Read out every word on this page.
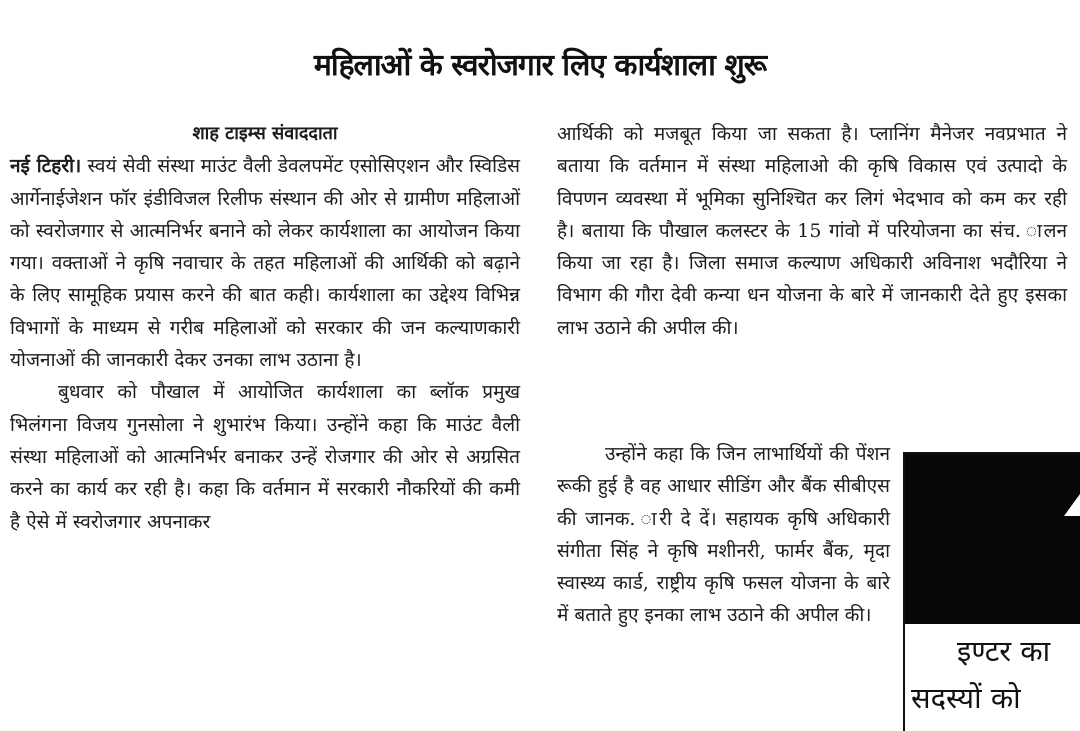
महिलाओं के स्वरोजगार लिए कार्यशाला शुरू

शाह टाइम्स संवाददाता

नई टिहरी। स्वयं सेवी संस्था माउंट वैली डेवलपमेंट एसोसिएशन और स्विडिस आर्गेनाईजेशन फॉर इंडीविजल रिलीफ संस्थान की ओर से ग्रामीण महिलाओं को स्वरोजगार से आत्मनिर्भर बनाने को लेकर कार्यशाला का आयोजन किया गया। वक्ताओं ने कृषि नवाचार के तहत महिलाओं की आर्थिकी को बढ़ाने के लिए सामूहिक प्रयास करने की बात कही। कार्यशाला का उद्देश्य विभिन्न विभागों के माध्यम से गरीब महिलाओं को सरकार की जन कल्याणकारी योजनाओं की जानकारी देकर उनका लाभ उठाना है।

बुधवार को पौखाल में आयोजित कार्यशाला का ब्लॉक प्रमुख भिलंगना विजय गुनसोला ने शुभारंभ किया। उन्होंने कहा कि माउंट वैली संस्था महिलाओं को आत्मनिर्भर बनाकर उन्हें रोजगार की ओर से अग्रसित करने का कार्य कर रही है। कहा कि वर्तमान में सरकारी नौकरियों की कमी है ऐसे में स्वरोजगार अपनाकर

आर्थिकी को मजबूत किया जा सकता है। प्लानिंग मैनेजर नवप्रभात ने बताया कि वर्तमान में संस्था महिलाओ की कृषि विकास एवं उत्पादो के विपणन व्यवस्था में भूमिका सुनिश्चित कर लिगं भेदभाव को कम कर रही है। बताया कि पौखाल कलस्टर के 15 गांवो में परियोजना का संच. ालन किया जा रहा है। जिला समाज कल्याण अधिकारी अविनाश भदौरिया ने विभाग की गौरा देवी कन्या धन योजना के बारे में जानकारी देते हुए इसका लाभ उठाने की अपील की।

उन्होंने कहा कि जिन लाभार्थियों की पेंशन रूकी हुई है वह आधार सीडिंग और बैंक सीबीएस की जानक. ारी दे दें। सहायक कृषि अधिकारी संगीता सिंह ने कृषि मशीनरी, फार्मर बैंक, मृदा स्वास्थ्य कार्ड, राष्ट्रीय कृषि फसल योजना के बारे में बताते हुए इनका लाभ उठाने की अपील की।

इण्टर का
सदस्यों को
